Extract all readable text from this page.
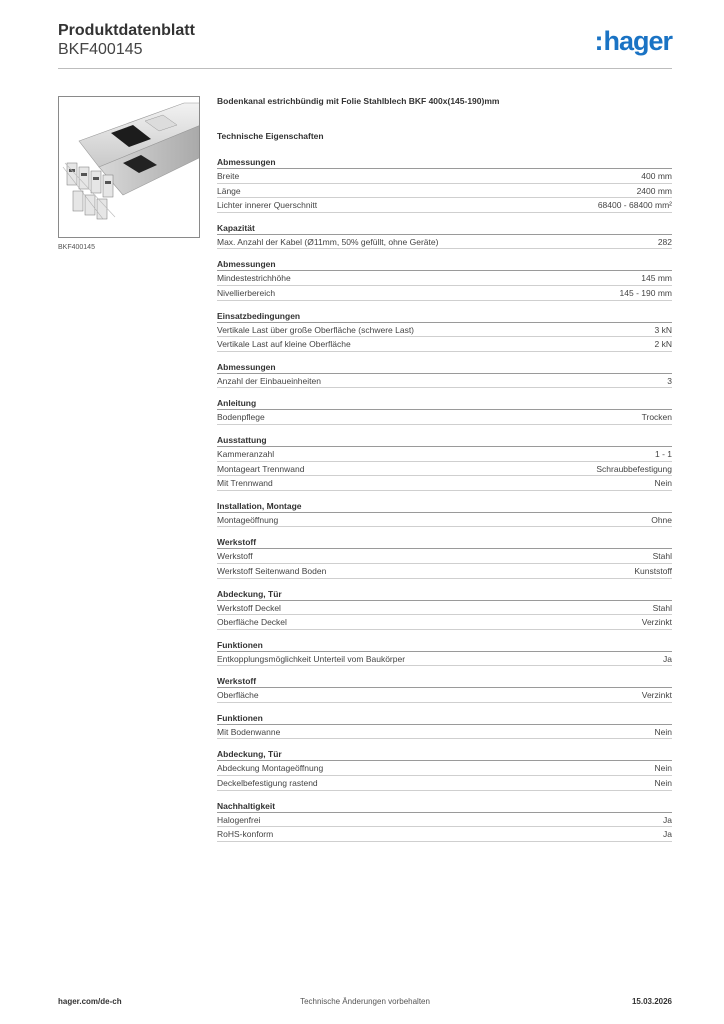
Produktdatenblatt
BKF400145	:hager
BKF400145
Bodenkanal estrichbündig mit Folie Stahlblech BKF 400x(145-190)mm
Technische Eigenschaften
Abmessungen
Breite	400 mm
Länge	2400 mm
Lichter innerer Querschnitt	68400 - 68400 mm²
Kapazität
Max. Anzahl der Kabel (Ø11mm, 50% gefüllt, ohne Geräte)	282
Abmessungen
Mindestestrichhöhe	145 mm
Nivellierbereich	145 - 190 mm
Einsatzbedingungen
Vertikale Last über große Oberfläche (schwere Last)	3 kN
Vertikale Last auf kleine Oberfläche	2 kN
Abmessungen
Anzahl der Einbaueinheiten	3
Anleitung
Bodenpflege	Trocken
Ausstattung
Kammeranzahl	1 - 1
Montageart Trennwand	Schraubbefestigung
Mit Trennwand	Nein
Installation, Montage
Montageöffnung	Ohne
Werkstoff
Werkstoff	Stahl
Werkstoff Seitenwand Boden	Kunststoff
Abdeckung, Tür
Werkstoff Deckel	Stahl
Oberfläche Deckel	Verzinkt
Funktionen
Entkopplungsmöglichkeit Unterteil vom Baukörper	Ja
Werkstoff
Oberfläche	Verzinkt
Funktionen
Mit Bodenwanne	Nein
Abdeckung, Tür
Abdeckung Montageöffnung	Nein
Deckelbefestigung rastend	Nein
Nachhaltigkeit
Halogenfrei	Ja
RoHS-konform	Ja
Technische Änderungen vorbehalten
hager.com/de-ch	15.03.2026
